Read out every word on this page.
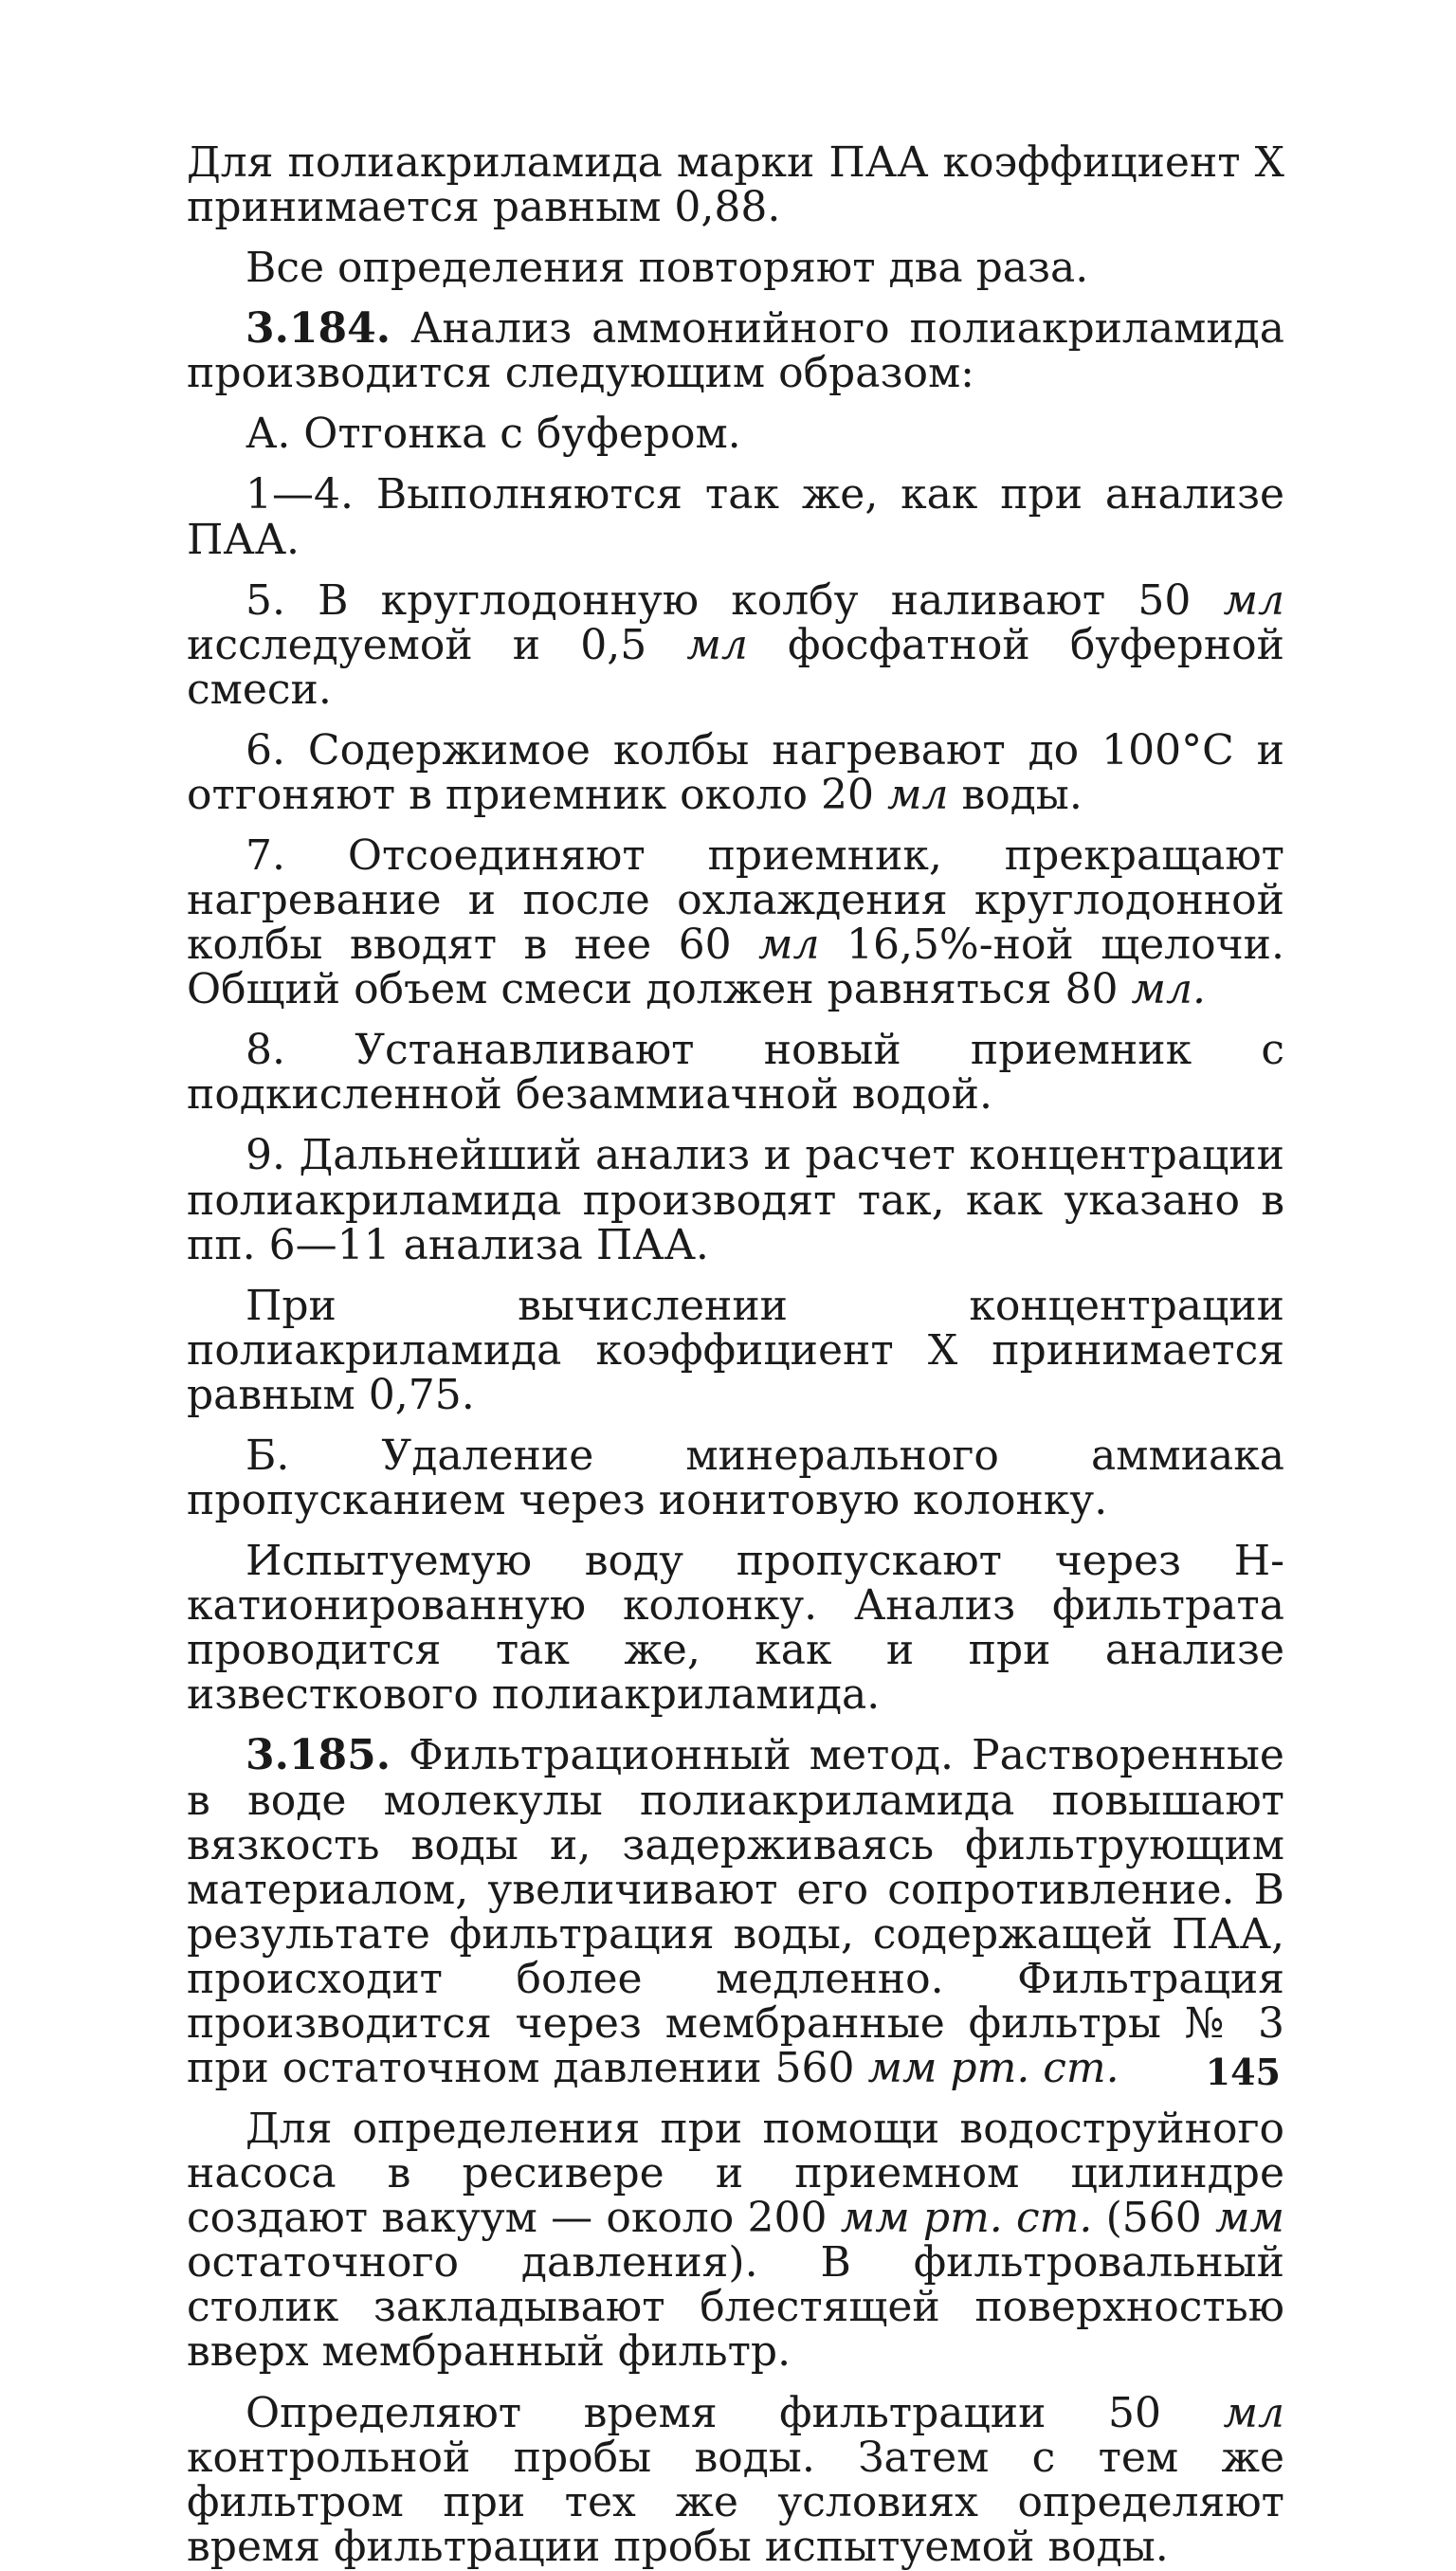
Для полиакриламида марки ПАА коэффициент X принимается равным 0,88.

Все определения повторяют два раза.

3.184. Анализ аммонийного полиакриламида производится следующим образом:

А. Отгонка с буфером.

1—4. Выполняются так же, как при анализе ПАА.

5. В круглодонную колбу наливают 50 мл исследуемой и 0,5 мл фосфатной буферной смеси.

6. Содержимое колбы нагревают до 100°С и отгоняют в приемник около 20 мл воды.

7. Отсоединяют приемник, прекращают нагревание и после охлаждения круглодонной колбы вводят в нее 60 мл 16,5%-ной щелочи. Общий объем смеси должен равняться 80 мл.

8. Устанавливают новый приемник с подкисленной безаммиачной водой.

9. Дальнейший анализ и расчет концентрации полиакриламида производят так, как указано в пп. 6—11 анализа ПАА.

При вычислении концентрации полиакриламида коэффициент X принимается равным 0,75.

Б. Удаление минерального аммиака пропусканием через ионитовую колонку.

Испытуемую воду пропускают через Н-катионированную колонку. Анализ фильтрата проводится так же, как и при анализе известкового полиакриламида.

3.185. Фильтрационный метод. Растворенные в воде молекулы полиакриламида повышают вязкость воды и, задерживаясь фильтрующим материалом, увеличивают его сопротивление. В результате фильтрация воды, содержащей ПАА, происходит более медленно. Фильтрация производится через мембранные фильтры № 3 при остаточном давлении 560 мм рт. ст.

Для определения при помощи водоструйного насоса в ресивере и приемном цилиндре создают вакуум — около 200 мм рт. ст. (560 мм остаточного давления). В фильтровальный столик закладывают блестящей поверхностью вверх мембранный фильтр.

Определяют время фильтрации 50 мл контрольной пробы воды. Затем с тем же фильтром при тех же условиях определяют время фильтрации пробы испытуемой воды.

145
